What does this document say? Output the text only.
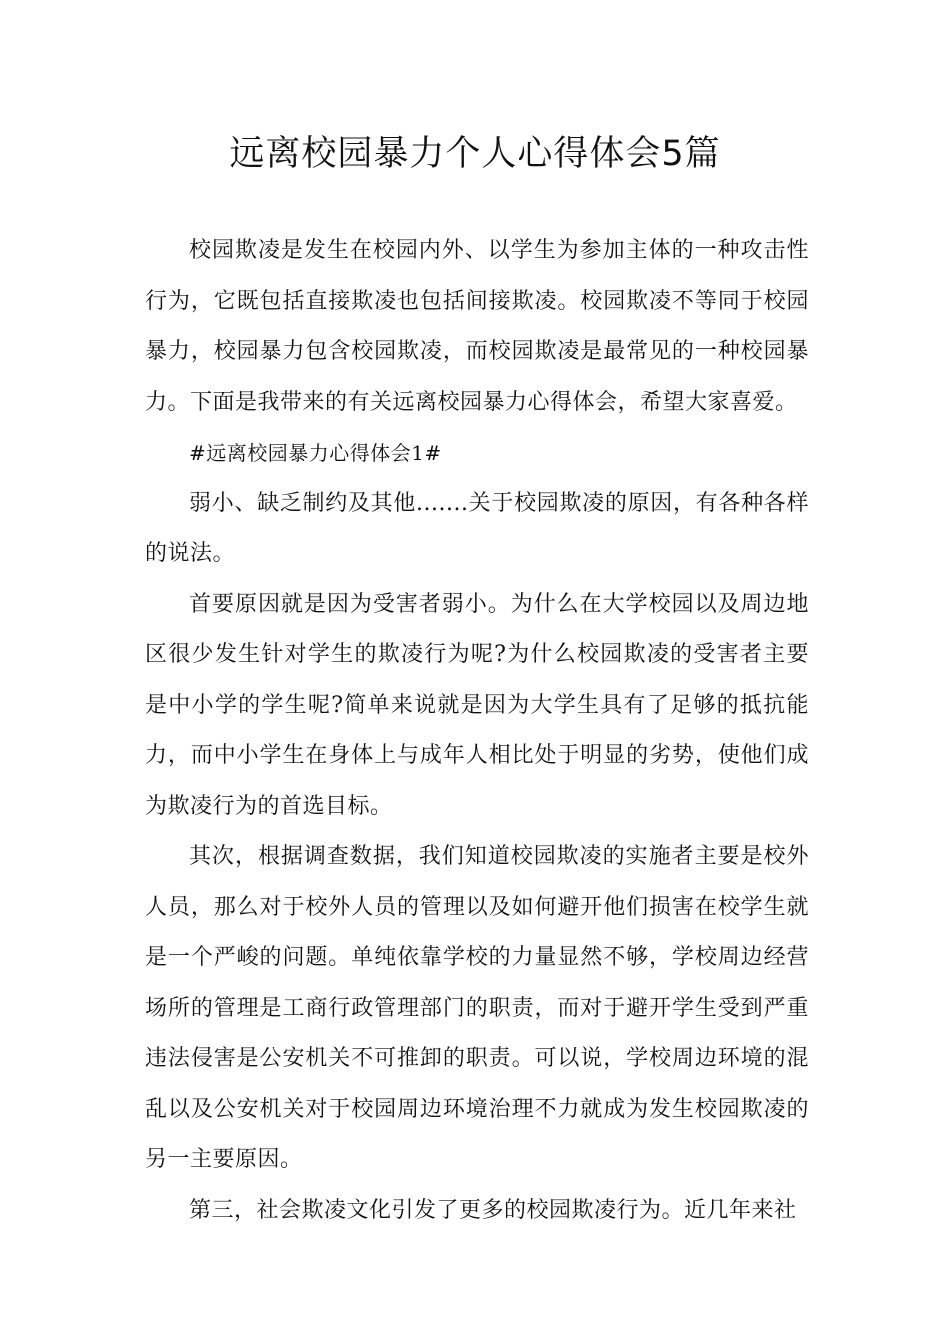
远离校园暴力个人心得体会5篇

校园欺凌是发生在校园内外、以学生为参加主体的一种攻击性行为，它既包括直接欺凌也包括间接欺凌。校园欺凌不等同于校园暴力，校园暴力包含校园欺凌，而校园欺凌是最常见的一种校园暴力。下面是我带来的有关远离校园暴力心得体会，希望大家喜爱。

#远离校园暴力心得体会1#

弱小、缺乏制约及其他.......关于校园欺凌的原因，有各种各样的说法。

首要原因就是因为受害者弱小。为什么在大学校园以及周边地区很少发生针对学生的欺凌行为呢?为什么校园欺凌的受害者主要是中小学的学生呢?简单来说就是因为大学生具有了足够的抵抗能力，而中小学生在身体上与成年人相比处于明显的劣势，使他们成为欺凌行为的首选目标。

其次，根据调查数据，我们知道校园欺凌的实施者主要是校外人员，那么对于校外人员的管理以及如何避开他们损害在校学生就是一个严峻的问题。单纯依靠学校的力量显然不够，学校周边经营场所的管理是工商行政管理部门的职责，而对于避开学生受到严重违法侵害是公安机关不可推卸的职责。可以说，学校周边环境的混乱以及公安机关对于校园周边环境治理不力就成为发生校园欺凌的另一主要原因。

第三，社会欺凌文化引发了更多的校园欺凌行为。近几年来社
